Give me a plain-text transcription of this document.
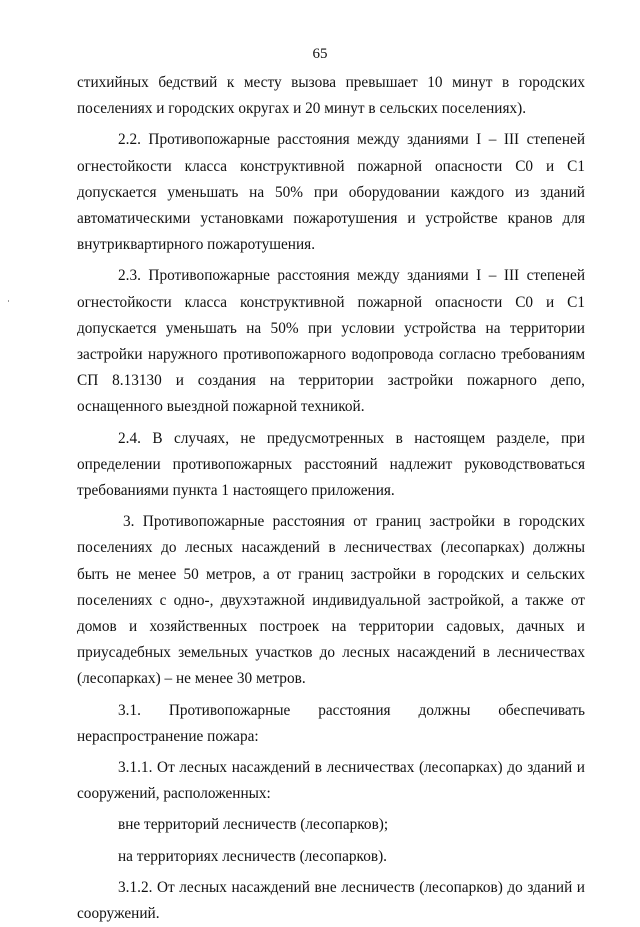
65

стихийных бедствий к месту вызова превышает 10 минут в городских поселениях и городских округах и 20 минут в сельских поселениях).

2.2. Противопожарные расстояния между зданиями I – III степеней огнестойкости класса конструктивной пожарной опасности С0 и С1 допускается уменьшать на 50% при оборудовании каждого из зданий автоматическими установками пожаротушения и устройстве кранов для внутриквартирного пожаротушения.

2.3. Противопожарные расстояния между зданиями I – III степеней огнестойкости класса конструктивной пожарной опасности С0 и С1 допускается уменьшать на 50% при условии устройства на территории застройки наружного противопожарного водопровода согласно требованиям СП 8.13130 и создания на территории застройки пожарного депо, оснащенного выездной пожарной техникой.

2.4. В случаях, не предусмотренных в настоящем разделе, при определении противопожарных расстояний надлежит руководствоваться требованиями пункта 1 настоящего приложения.

3. Противопожарные расстояния от границ застройки в городских поселениях до лесных насаждений в лесничествах (лесопарках) должны быть не менее 50 метров, а от границ застройки в городских и сельских поселениях с одно-, двухэтажной индивидуальной застройкой, а также от домов и хозяйственных построек на территории садовых, дачных и приусадебных земельных участков до лесных насаждений в лесничествах (лесопарках) – не менее 30 метров.

3.1. Противопожарные расстояния должны обеспечивать нераспространение пожара:

3.1.1. От лесных насаждений в лесничествах (лесопарках) до зданий и сооружений, расположенных:

вне территорий лесничеств (лесопарков);

на территориях лесничеств (лесопарков).

3.1.2. От лесных насаждений вне лесничеств (лесопарков) до зданий и сооружений.
